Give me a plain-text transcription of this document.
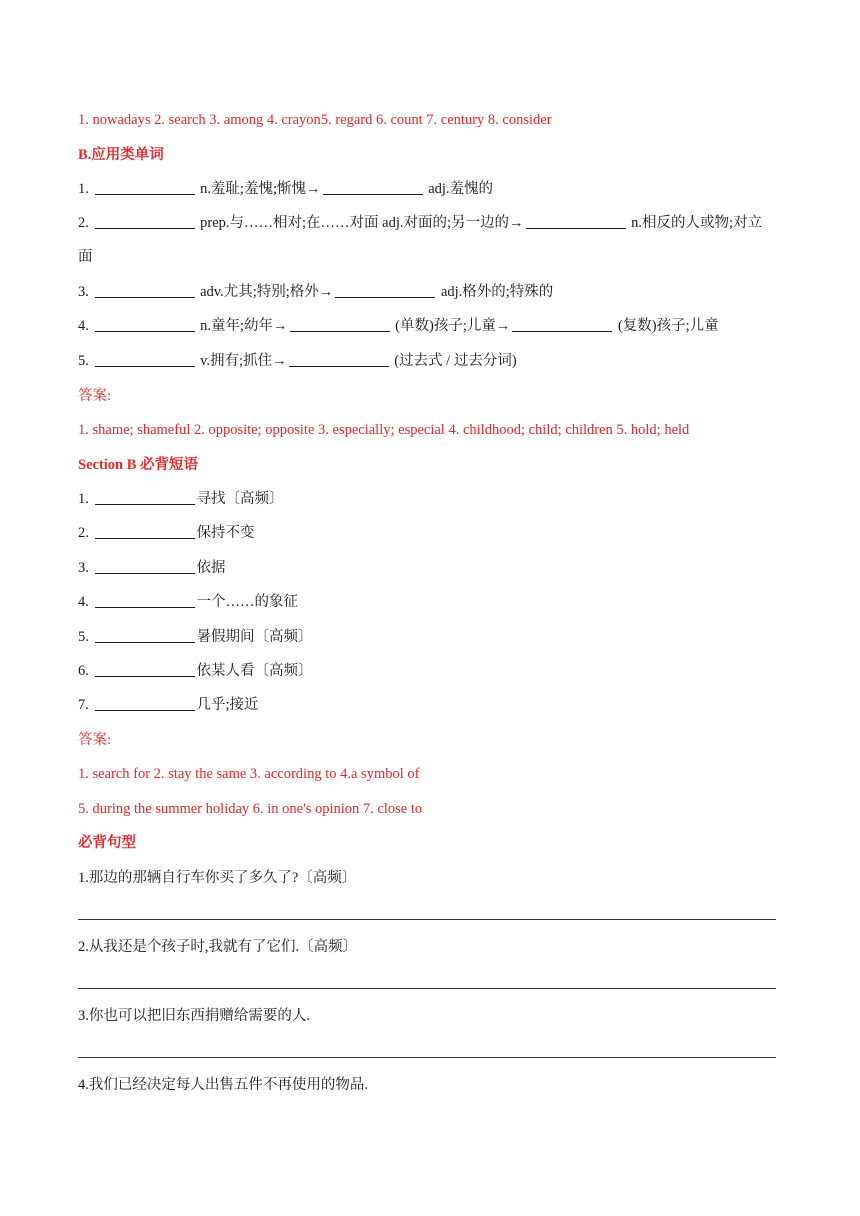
1. nowadays 2. search 3. among 4. crayon5. regard 6. count 7. century 8. consider
B.应用类单词
1.	n.羞耻;羞愧;惭愧→	adj.羞愧的
2.	prep.与……相对;在……对面 adj.对面的;另一边的→	n.相反的人或物;对立
面
3.	adv.尤其;特别;格外→	adj.格外的;特殊的
4.	n.童年;幼年→	(单数)孩子;儿童→	(复数)孩子;儿童
5.	v.拥有;抓住→	(过去式 / 过去分词)
答案:
1. shame; shameful 2. opposite; opposite 3. especially; especial 4. childhood; child; children 5. hold; held
Section B 必背短语
1.	寻找〔高频〕
2.	保持不变
3.	依据
4.	一个……的象征
5.	暑假期间〔高频〕
6.	依某人看〔高频〕
7.	几乎;接近
答案:
1. search for 2. stay the same 3. according to 4.a symbol of
5. during the summer holiday 6. in one's opinion 7. close to
必背句型
1.那边的那辆自行车你买了多久了?〔高频〕
2.从我还是个孩子时,我就有了它们.〔高频〕
3.你也可以把旧东西捐赠给需要的人.
4.我们已经决定每人出售五件不再使用的物品.
